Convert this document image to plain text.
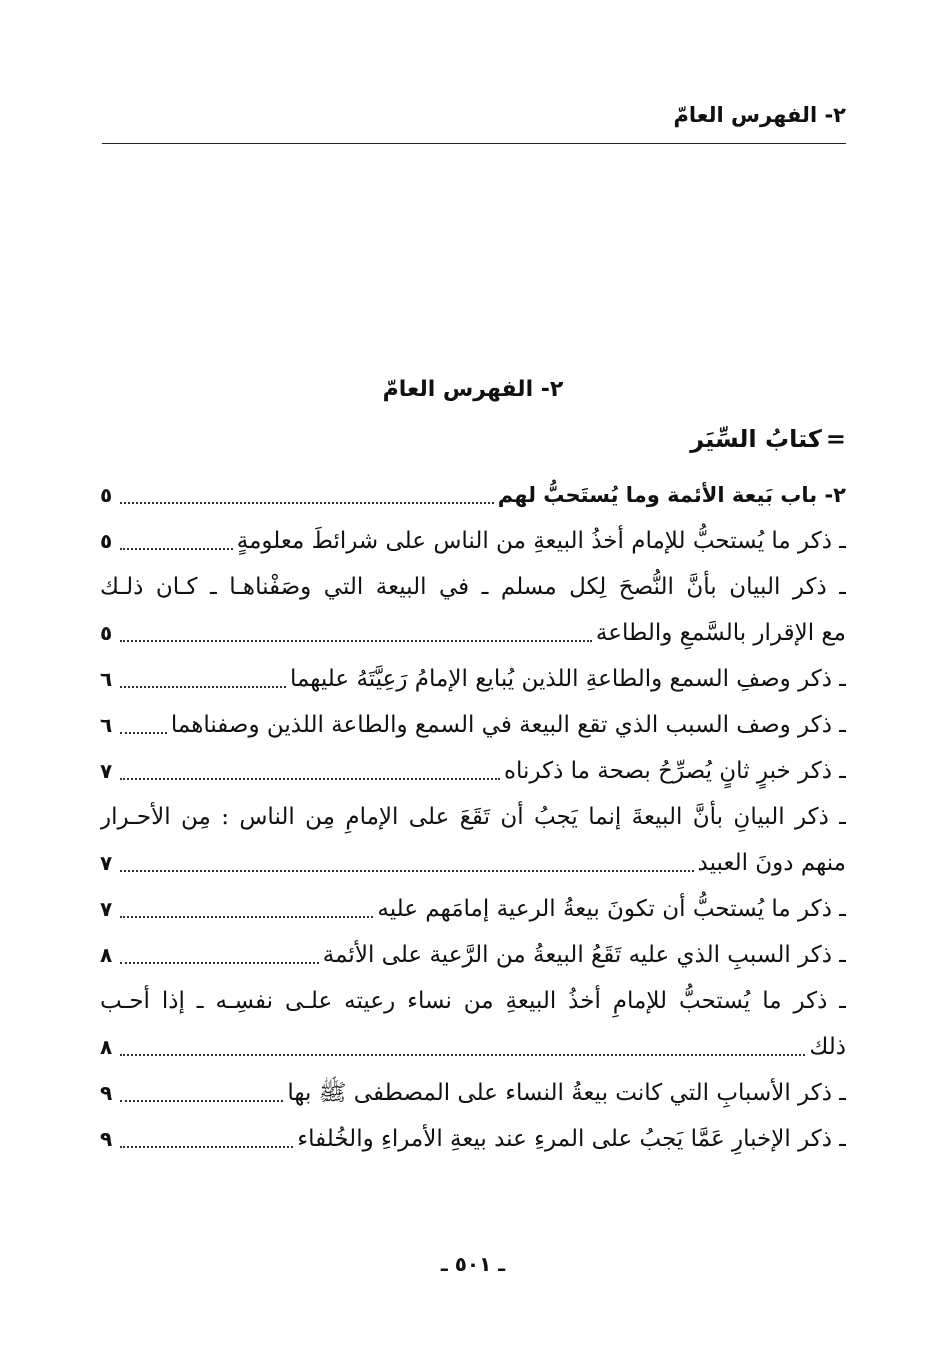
٢- الفهرس العامّ
٢- الفهرس العامّ
=كتابُ السِّيَر
٢- باب بَيعة الأئمة وما يُستَحبُّ لهم
٥
ـ ذكر ما يُستحبُّ للإمام أخذُ البيعةِ من الناس على شرائطَ معلومةٍ
٥
ـ ذكر البيان بأنَّ النُّصحَ لِكل مسلم ـ في البيعة التي وصَفْناهـا ـ كـان ذلـك
مع الإقرار بالسَّمعِ والطاعة
٥
ـ ذكر وصفِ السمع والطاعةِ اللذين يُبايع الإمامُ رَعِيَّتَهُ عليهما
٦
ـ ذكر وصف السبب الذي تقع البيعة في السمع والطاعة اللذين وصفناهما
٦
ـ ذكر خبرٍ ثانٍ يُصرِّحُ بصحة ما ذكرناه
٧
ـ ذكر البيانِ بأنَّ البيعةَ إنما يَجبُ أن تَقَعَ على الإمامِ مِن الناس : مِن الأحـرار
منهم دونَ العبيد
٧
ـ ذكر ما يُستحبُّ أن تكونَ بيعةُ الرعية إمامَهم عليه
٧
ـ ذكر السببِ الذي عليه تَقَعُ البيعةُ من الرَّعية على الأئمة
٨
ـ ذكر ما يُستحبُّ للإمامِ أخذُ البيعةِ من نساء رعيته علـى نفسِـه ـ إذا أحـب
ذلك
٨
ـ ذكر الأسبابِ التي كانت بيعةُ النساء على المصطفى ﷺ بها
٩
ـ ذكر الإخبارِ عَمَّا يَجبُ على المرءِ عند بيعةِ الأمراءِ والخُلفاء
٩
ـ ٥٠١ ـ
